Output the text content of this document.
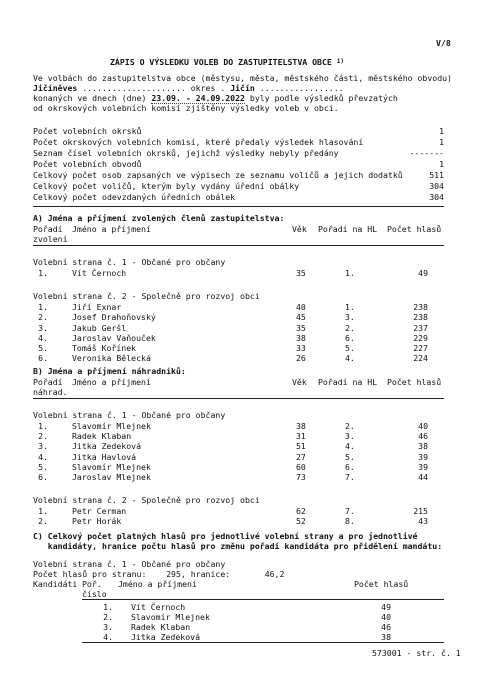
V/8
ZÁPIS O VÝSLEDKU VOLEB DO ZASTUPITELSTVA OBCE $^{1)}$
Ve volbách do zastupitelstva obce (městysu, města, městského části, městského obvodu)
Jičíněves ..................... okres . Jičín .................
konaných ve dnech (dne) 23.09. - 24.09.2022 byly podle výsledků převzatých
od okrskových volebních komisí zjištěny výsledky voleb v obci.
Počet volebních okrsků	1
Počet okrskových volebních komisí, které předaly výsledek hlasování	1
Seznam čísel volebních okrsků, jejichž výsledky nebyly předány	-------
Počet volebních obvodů	1
Celkový počet osob zapsaných ve výpisech ze seznamu voličů a jejich dodatků	511
Celkový počet voličů, kterým byly vydány úřední obálky	304
Celkový počet odevzdaných úředních obálek	304
A) Jména a příjmení zvolených členů zastupitelstva:
Pořadí
zvolení
Jméno a příjmení	Věk Pořadí na HL Počet hlasů
Volební strana č. 1 - Občané pro občany
1.	Vít Černoch	35	1.	49
Volební strana č. 2 - Společně pro rozvoj obci
1.	Jiří Exnar	40	1.	238
2.	Josef Drahoňovský	45	3.	238
3.	Jakub Geršl	35	2.	237
4.	Jaroslav Vaňouček	38	6.	229
5.	Tomáš Kořínek	33	5.	227
6.	Veronika Bělecká	26	4.	224
B) Jména a příjmení náhradníků:
Pořadí
náhrad.
Jméno a příjmení	Věk Pořadí na HL Počet hlasů
Volební strana č. 1 - Občané pro občany
1.	Slavomír Mlejnek	38	2.	40
2.	Radek Klaban	31	3.	46
3.	Jitka Zedeková	51	4.	38
4.	Jitka Havlová	27	5.	39
5.	Slavomír Mlejnek	60	6.	39
6.	Jaroslav Mlejnek	73	7.	44
Volební strana č. 2 - Společně pro rozvoj obci
1.	Petr Cerman	62	7.	215
2.	Petr Horák	52	8.	43
C) Celkový počet platných hlasů pro jednotlivé volební strany a pro jednotlivé
kandidáty, hranice počtu hlasů pro změnu pořadí kandidáta pro přidělení mandátu:
Volební strana č. 1 - Občané pro občany
Počet hlasů pro stranu: 295, hranice:	46,2
Kandidáti Poř.
číslo
Jméno a příjmení	Počet hlasů
1. Vít Černoch	49
2. Slavomír Mlejnek	40
3. Radek Klaban	46
4. Jitka Zedeková	38
573001 - str. č. 1
